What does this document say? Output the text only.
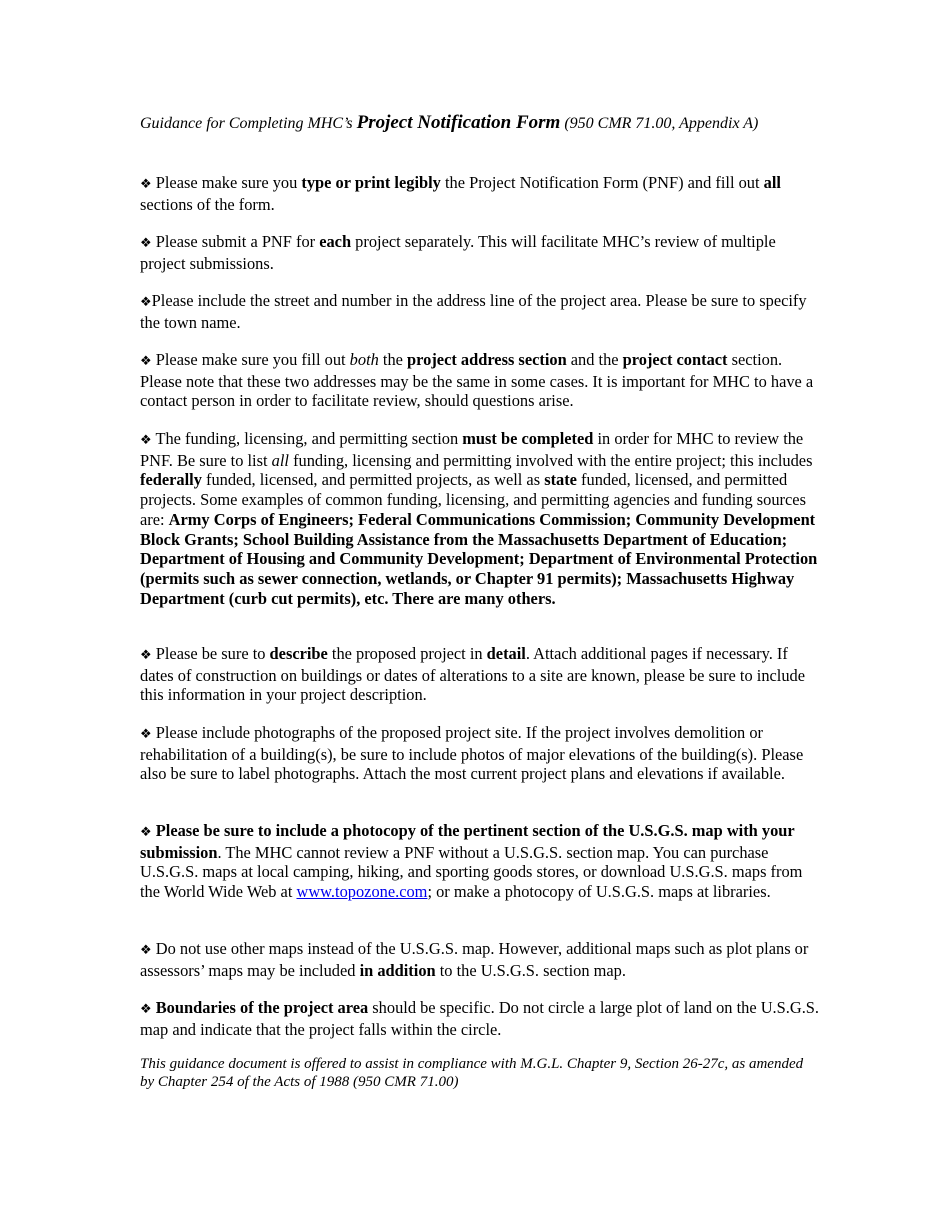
Guidance for Completing MHC’s Project Notification Form (950 CMR 71.00, Appendix A)

❖ Please make sure you type or print legibly the Project Notification Form (PNF) and fill out all sections of the form.

❖ Please submit a PNF for each project separately. This will facilitate MHC’s review of multiple project submissions.

❖Please include the street and number in the address line of the project area. Please be sure to specify the town name.

❖ Please make sure you fill out both the project address section and the project contact section. Please note that these two addresses may be the same in some cases. It is important for MHC to have a contact person in order to facilitate review, should questions arise.

❖ The funding, licensing, and permitting section must be completed in order for MHC to review the PNF. Be sure to list all funding, licensing and permitting involved with the entire project; this includes federally funded, licensed, and permitted projects, as well as state funded, licensed, and permitted projects. Some examples of common funding, licensing, and permitting agencies and funding sources are: Army Corps of Engineers; Federal Communications Commission; Community Development Block Grants; School Building Assistance from the Massachusetts Department of Education; Department of Housing and Community Development; Department of Environmental Protection (permits such as sewer connection, wetlands, or Chapter 91 permits); Massachusetts Highway Department (curb cut permits), etc. There are many others.

❖ Please be sure to describe the proposed project in detail. Attach additional pages if necessary. If dates of construction on buildings or dates of alterations to a site are known, please be sure to include this information in your project description.

❖ Please include photographs of the proposed project site. If the project involves demolition or rehabilitation of a building(s), be sure to include photos of major elevations of the building(s). Please also be sure to label photographs. Attach the most current project plans and elevations if available.

❖ Please be sure to include a photocopy of the pertinent section of the U.S.G.S. map with your submission. The MHC cannot review a PNF without a U.S.G.S. section map. You can purchase U.S.G.S. maps at local camping, hiking, and sporting goods stores, or download U.S.G.S. maps from the World Wide Web at www.topozone.com; or make a photocopy of U.S.G.S. maps at libraries.

❖ Do not use other maps instead of the U.S.G.S. map. However, additional maps such as plot plans or assessors’ maps may be included in addition to the U.S.G.S. section map.

❖ Boundaries of the project area should be specific. Do not circle a large plot of land on the U.S.G.S. map and indicate that the project falls within the circle.

This guidance document is offered to assist in compliance with M.G.L. Chapter 9, Section 26-27c, as amended by Chapter 254 of the Acts of 1988 (950 CMR 71.00)
